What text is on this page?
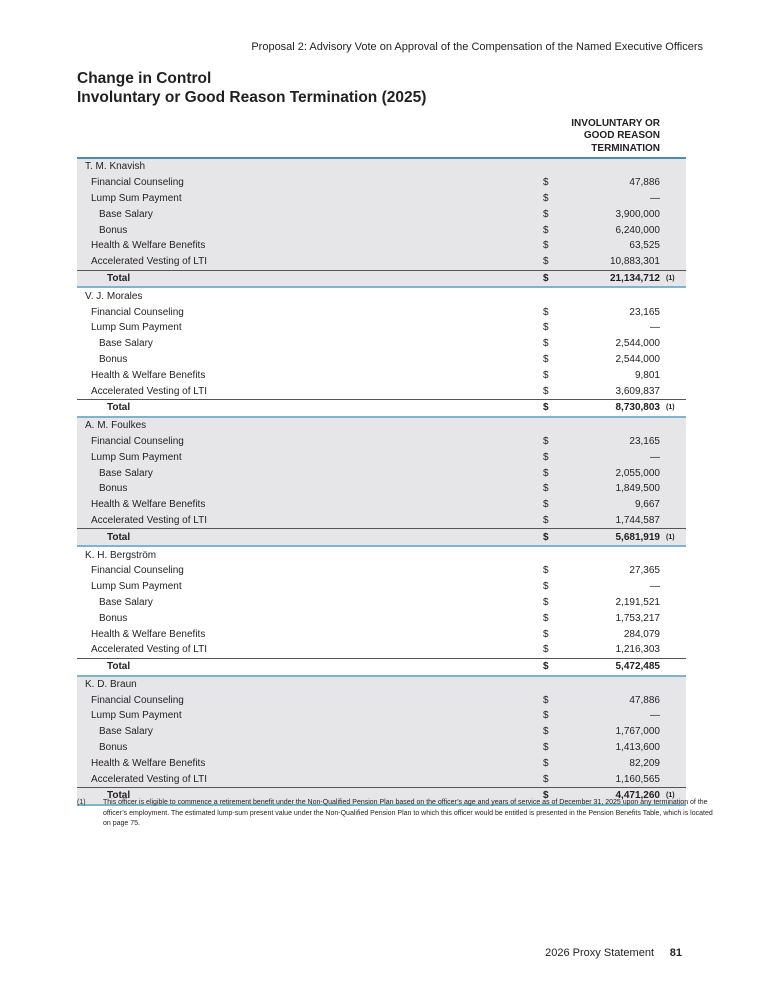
Proposal 2: Advisory Vote on Approval of the Compensation of the Named Executive Officers
Change in Control
Involuntary or Good Reason Termination (2025)
INVOLUNTARY OR
GOOD REASON
TERMINATION
T. M. Knavish
Financial Counseling	$	47,886
Lump Sum Payment	$	—
Base Salary	$	3,900,000
Bonus	$	6,240,000
Health & Welfare Benefits	$	63,525
Accelerated Vesting of LTI	$	10,883,301
Total	$	21,134,712 (1)
V. J. Morales
Financial Counseling	$	23,165
Lump Sum Payment	$	—
Base Salary	$	2,544,000
Bonus	$	2,544,000
Health & Welfare Benefits	$	9,801
Accelerated Vesting of LTI	$	3,609,837
Total	$	8,730,803 (1)
A. M. Foulkes
Financial Counseling	$	23,165
Lump Sum Payment	$	—
Base Salary	$	2,055,000
Bonus	$	1,849,500
Health & Welfare Benefits	$	9,667
Accelerated Vesting of LTI	$	1,744,587
Total	$	5,681,919 (1)
K. H. Bergström
Financial Counseling	$	27,365
Lump Sum Payment	$	—
Base Salary	$	2,191,521
Bonus	$	1,753,217
Health & Welfare Benefits	$	284,079
Accelerated Vesting of LTI	$	1,216,303
Total	$	5,472,485
K. D. Braun
Financial Counseling	$	47,886
Lump Sum Payment	$	—
Base Salary	$	1,767,000
Bonus	$	1,413,600
Health & Welfare Benefits	$	82,209
Accelerated Vesting of LTI	$	1,160,565
Total	$	4,471,260 (1)
(1)	This officer is eligible to commence a retirement benefit under the Non-Qualified Pension Plan based on the officer’s age and years of service as of December 31, 2025 upon any termination of the officer’s employment. The estimated lump-sum present value under the Non-Qualified Pension Plan to which this officer would be entitled is presented in the Pension Benefits Table, which is located on page 75.
2026 Proxy Statement 81
